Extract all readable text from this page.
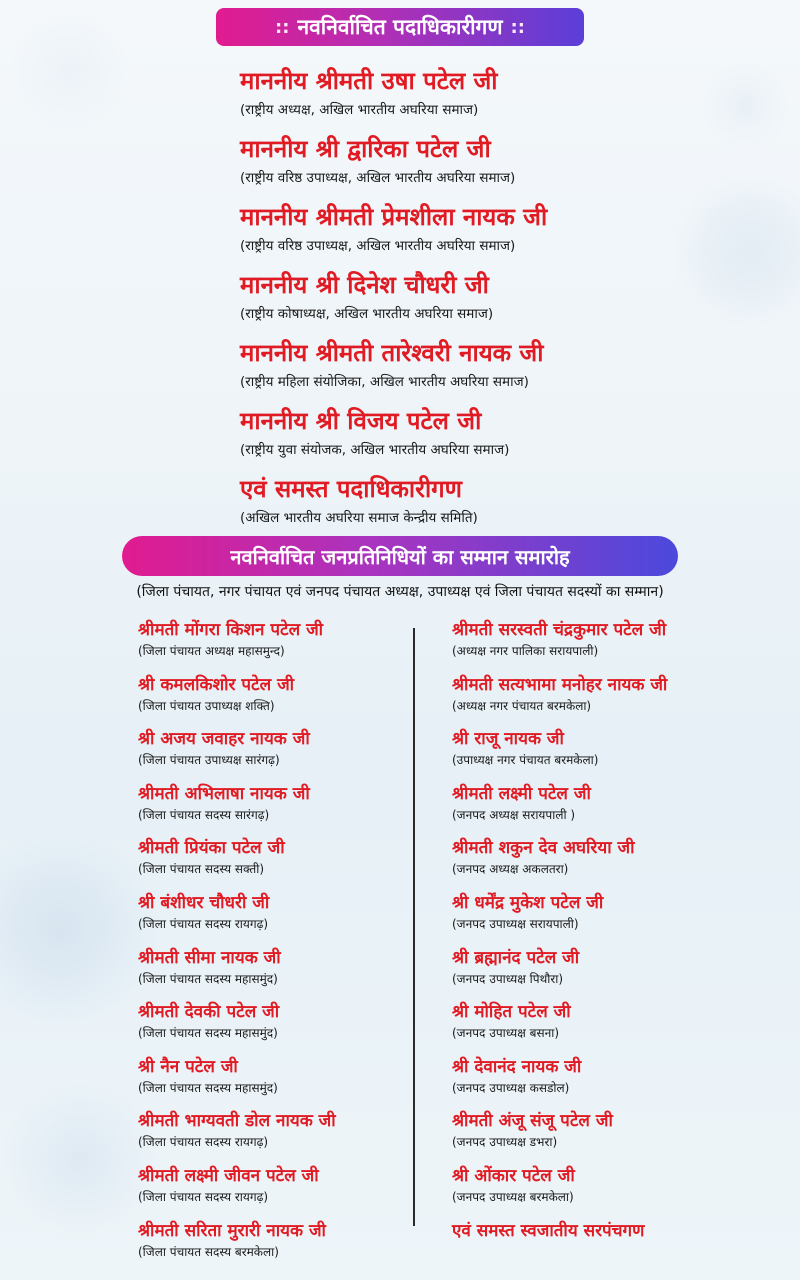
:: नवनिर्वाचित पदाधिकारीगण ::
माननीय श्रीमती उषा पटेल जी
(राष्ट्रीय अध्यक्ष, अखिल भारतीय अघरिया समाज)
माननीय श्री द्वारिका पटेल जी
(राष्ट्रीय वरिष्ठ उपाध्यक्ष, अखिल भारतीय अघरिया समाज)
माननीय श्रीमती प्रेमशीला नायक जी
(राष्ट्रीय वरिष्ठ उपाध्यक्ष, अखिल भारतीय अघरिया समाज)
माननीय श्री दिनेश चौधरी जी
(राष्ट्रीय कोषाध्यक्ष, अखिल भारतीय अघरिया समाज)
माननीय श्रीमती तारेश्वरी नायक जी
(राष्ट्रीय महिला संयोजिका, अखिल भारतीय अघरिया समाज)
माननीय श्री विजय पटेल जी
(राष्ट्रीय युवा संयोजक, अखिल भारतीय अघरिया समाज)
एवं समस्त पदाधिकारीगण
(अखिल भारतीय अघरिया समाज केन्द्रीय समिति)
नवनिर्वाचित जनप्रतिनिधियों का सम्मान समारोह
(जिला पंचायत, नगर पंचायत एवं जनपद पंचायत अध्यक्ष, उपाध्यक्ष एवं जिला पंचायत सदस्यों का सम्मान)
श्रीमती मोंगरा किशन पटेल जी
(जिला पंचायत अध्यक्ष महासमुन्द)
श्री कमलकिशोर पटेल जी
(जिला पंचायत उपाध्यक्ष शक्ति)
श्री अजय जवाहर नायक जी
(जिला पंचायत उपाध्यक्ष सारंगढ़)
श्रीमती अभिलाषा नायक जी
(जिला पंचायत सदस्य सारंगढ़)
श्रीमती प्रियंका पटेल जी
(जिला पंचायत सदस्य सक्ती)
श्री बंशीधर चौधरी जी
(जिला पंचायत सदस्य रायगढ़)
श्रीमती सीमा नायक जी
(जिला पंचायत सदस्य महासमुंद)
श्रीमती देवकी पटेल जी
(जिला पंचायत सदस्य महासमुंद)
श्री नैन पटेल जी
(जिला पंचायत सदस्य महासमुंद)
श्रीमती भाग्यवती डोल नायक जी
(जिला पंचायत सदस्य रायगढ़)
श्रीमती लक्ष्मी जीवन पटेल जी
(जिला पंचायत सदस्य रायगढ़)
श्रीमती सरिता मुरारी नायक जी
(जिला पंचायत सदस्य बरमकेला)
श्रीमती सरस्वती चंद्रकुमार पटेल जी
(अध्यक्ष नगर पालिका सरायपाली)
श्रीमती सत्यभामा मनोहर नायक जी
(अध्यक्ष नगर पंचायत बरमकेला)
श्री राजू नायक जी
(उपाध्यक्ष नगर पंचायत बरमकेला)
श्रीमती लक्ष्मी पटेल जी
(जनपद अध्यक्ष सरायपाली )
श्रीमती शकुन देव अघरिया जी
(जनपद अध्यक्ष अकलतरा)
श्री धर्मेंद्र मुकेश पटेल जी
(जनपद उपाध्यक्ष सरायपाली)
श्री ब्रह्मानंद पटेल जी
(जनपद उपाध्यक्ष पिथौरा)
श्री मोहित पटेल जी
(जनपद उपाध्यक्ष बसना)
श्री देवानंद नायक जी
(जनपद उपाध्यक्ष कसडोल)
श्रीमती अंजू संजू पटेल जी
(जनपद उपाध्यक्ष डभरा)
श्री ओंकार पटेल जी
(जनपद उपाध्यक्ष बरमकेला)
एवं समस्त स्वजातीय सरपंचगण
